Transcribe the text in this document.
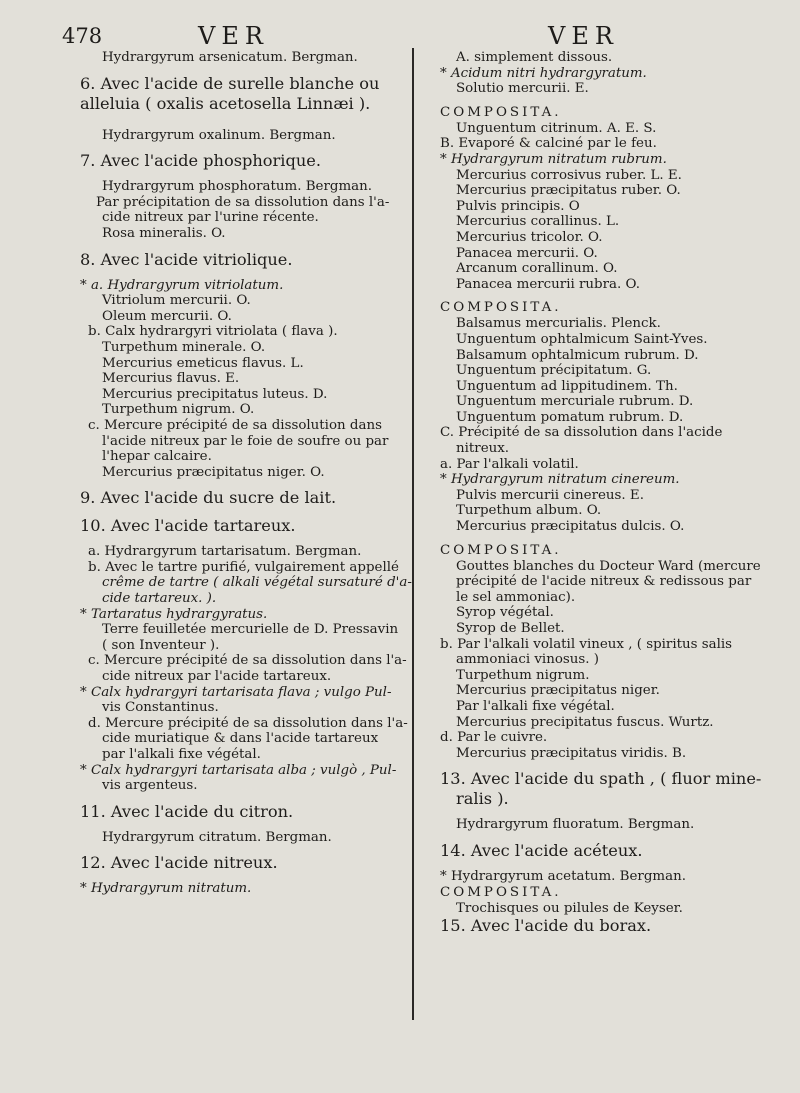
478	VER	VER
Hydrargyrum arsenicatum. Bergman.
6. Avec l'acide de surelle blanche ou
alleluia ( oxalis acetosella Linnæi ).
Hydrargyrum oxalinum. Bergman.
7. Avec l'acide phosphorique.
Hydrargyrum phosphoratum. Bergman.
Par précipitation de sa dissolution dans l'a-
cide nitreux par l'urine récente.
Rosa mineralis. O.
8. Avec l'acide vitriolique.
* a. Hydrargyrum vitriolatum.
Vitriolum mercurii. O.
Oleum mercurii. O.
b. Calx hydrargyri vitriolata ( flava ).
Turpethum minerale. O.
Mercurius emeticus flavus. L.
Mercurius flavus. E.
Mercurius precipitatus luteus. D.
Turpethum nigrum. O.
c. Mercure précipité de sa dissolution dans
l'acide nitreux par le foie de soufre ou par
l'hepar calcaire.
Mercurius præcipitatus niger. O.
9. Avec l'acide du sucre de lait.
10. Avec l'acide tartareux.
a. Hydrargyrum tartarisatum. Bergman.
b. Avec le tartre purifié, vulgairement appellé
crême de tartre ( alkali végétal sursaturé d'a-
cide tartareux. ).
* Tartaratus hydrargyratus.
Terre feuilletée mercurielle de D. Pressavin
( son Inventeur ).
c. Mercure précipité de sa dissolution dans l'a-
cide nitreux par l'acide tartareux.
* Calx hydrargyri tartarisata flava ; vulgo Pul-
vis Constantinus.
d. Mercure précipité de sa dissolution dans l'a-
cide muriatique & dans l'acide tartareux
par l'alkali fixe végétal.
* Calx hydrargyri tartarisata alba ; vulgò , Pul-
vis argenteus.
11. Avec l'acide du citron.
Hydrargyrum citratum. Bergman.
12. Avec l'acide nitreux.
* Hydrargyrum nitratum.
A. simplement dissous.
* Acidum nitri hydrargyratum.
Solutio mercurii. E.
COMPOSITA.
Unguentum citrinum. A. E. S.
B. Evaporé & calciné par le feu.
* Hydrargyrum nitratum rubrum.
Mercurius corrosivus ruber. L. E.
Mercurius præcipitatus ruber. O.
Pulvis principis. O
Mercurius corallinus. L.
Mercurius tricolor. O.
Panacea mercurii. O.
Arcanum corallinum. O.
Panacea mercurii rubra. O.
COMPOSITA.
Balsamus mercurialis. Plenck.
Unguentum ophtalmicum Saint-Yves.
Balsamum ophtalmicum rubrum. D.
Unguentum précipitatum. G.
Unguentum ad lippitudinem. Th.
Unguentum mercuriale rubrum. D.
Unguentum pomatum rubrum. D.
C. Précipité de sa dissolution dans l'acide
nitreux.
a. Par l'alkali volatil.
* Hydrargyrum nitratum cinereum.
Pulvis mercurii cinereus. E.
Turpethum album. O.
Mercurius præcipitatus dulcis. O.
COMPOSITA.
Gouttes blanches du Docteur Ward (mercure
précipité de l'acide nitreux & redissous par
le sel ammoniac).
Syrop végétal.
Syrop de Bellet.
b. Par l'alkali volatil vineux , ( spiritus salis
ammoniaci vinosus. )
Turpethum nigrum.
Mercurius præcipitatus niger.
Par l'alkali fixe végétal.
Mercurius precipitatus fuscus. Wurtz.
d. Par le cuivre.
Mercurius præcipitatus viridis. B.
13. Avec l'acide du spath , ( fluor mine-
ralis ).
Hydrargyrum fluoratum. Bergman.
14. Avec l'acide acéteux.
* Hydrargyrum acetatum. Bergman.
COMPOSITA.
Trochisques ou pilules de Keyser.
15. Avec l'acide du borax.
